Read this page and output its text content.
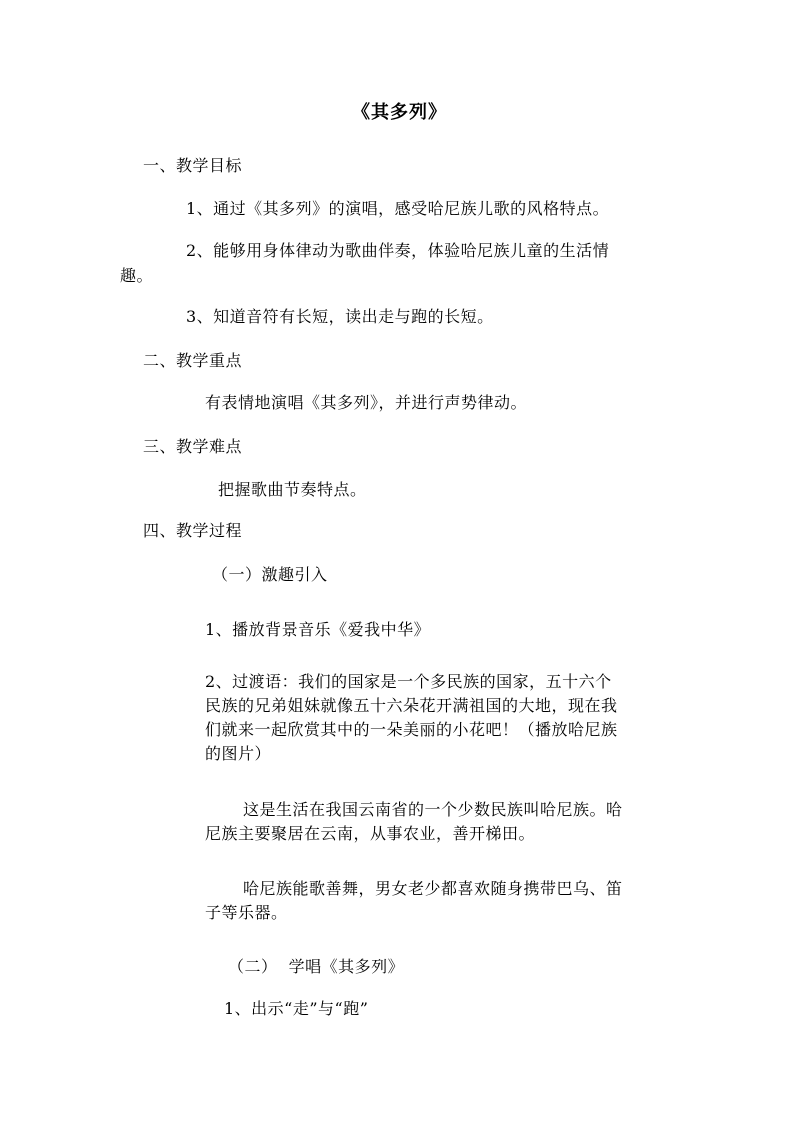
《其多列》
一、教学目标
1、通过《其多列》的演唱，感受哈尼族儿歌的风格特点。
2、能够用身体律动为歌曲伴奏，体验哈尼族儿童的生活情
趣。
3、知道音符有长短，读出走与跑的长短。
二、教学重点
有表情地演唱《其多列》，并进行声势律动。
三、教学难点
把握歌曲节奏特点。
四、教学过程
（一）激趣引入
1、播放背景音乐《爱我中华》
2、过渡语：我们的国家是一个多民族的国家，五十六个
民族的兄弟姐妹就像五十六朵花开满祖国的大地，现在我
们就来一起欣赏其中的一朵美丽的小花吧！（播放哈尼族
的图片）
这是生活在我国云南省的一个少数民族叫哈尼族。哈
尼族主要聚居在云南，从事农业，善开梯田。
哈尼族能歌善舞，男女老少都喜欢随身携带巴乌、笛
子等乐器。
（二）  学唱《其多列》
1、出示“走”与“跑”
